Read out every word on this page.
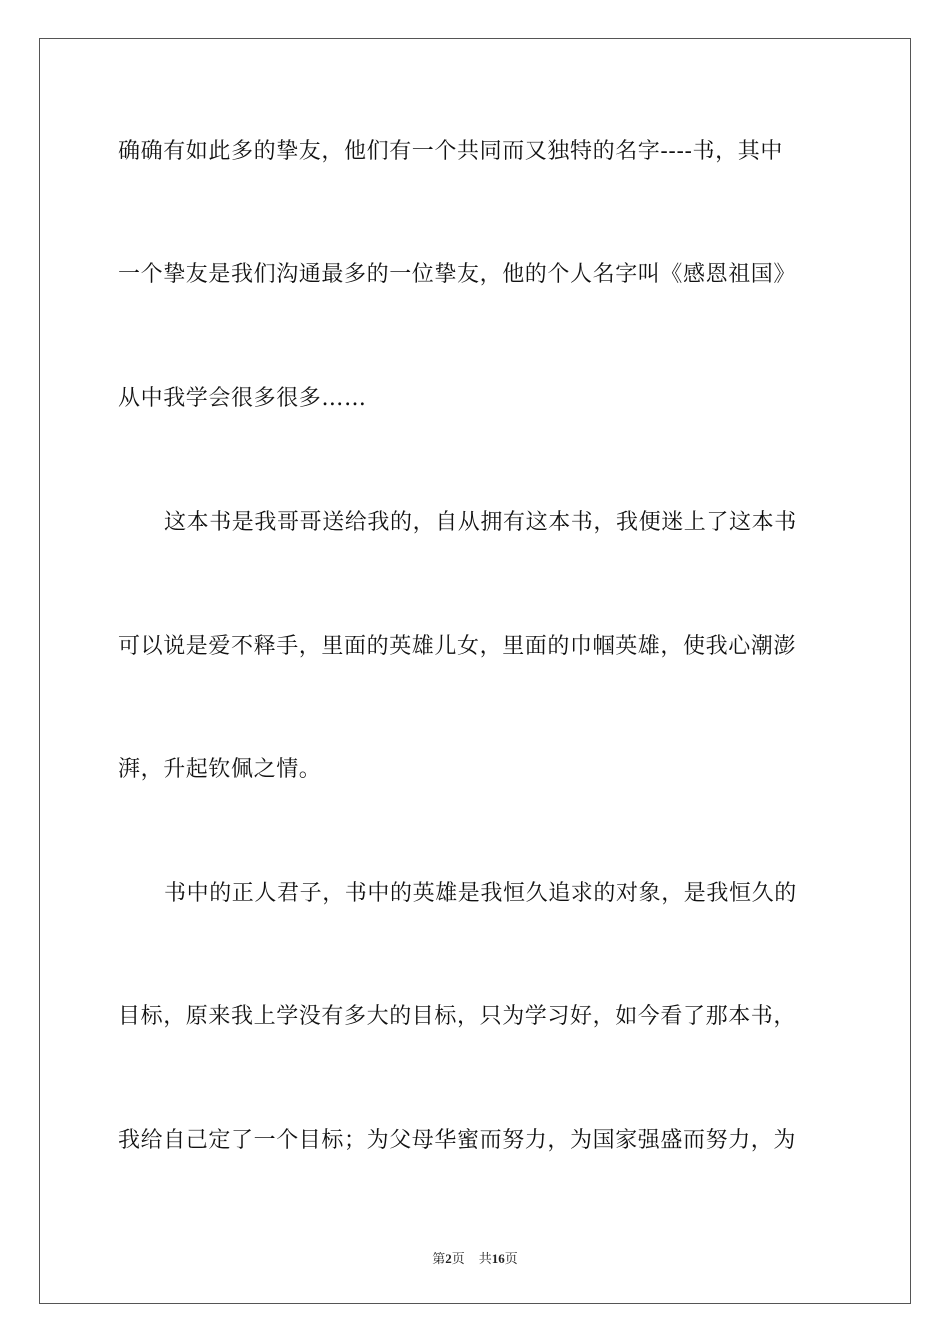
确确有如此多的挚友，他们有一个共同而又独特的名字----书，其中
一个挚友是我们沟通最多的一位挚友，他的个人名字叫《感恩祖国》
从中我学会很多很多……
这本书是我哥哥送给我的，自从拥有这本书，我便迷上了这本书
可以说是爱不释手，里面的英雄儿女，里面的巾帼英雄，使我心潮澎
湃，升起钦佩之情。
书中的正人君子，书中的英雄是我恒久追求的对象，是我恒久的
目标，原来我上学没有多大的目标，只为学习好，如今看了那本书，
我给自己定了一个目标；为父母华蜜而努力，为国家强盛而努力，为
第2页 共16页
